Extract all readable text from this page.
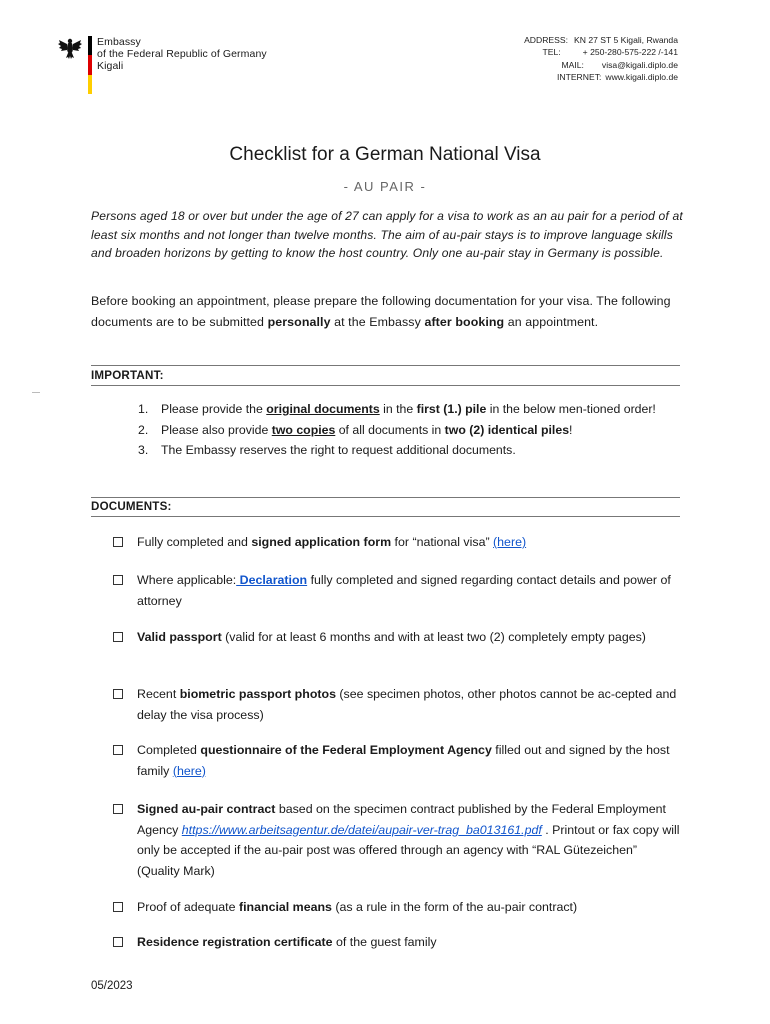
Embassy
of the Federal Republic of Germany
Kigali
ADDRESS: KN 27 ST 5 Kigali, Rwanda
TEL:	+ 250-280-575-222 /-141
MAIL: visa@kigali.diplo.de
INTERNET: www.kigali.diplo.de
Checklist for a German National Visa
- AU PAIR -
Persons aged 18 or over but under the age of 27 can apply for a visa to work as an au pair for a period of at least six months and not longer than twelve months. The aim of au-pair stays is to improve language skills and broaden horizons by getting to know the host country. Only one au-pair stay in Germany is possible.
Before booking an appointment, please prepare the following documentation for your visa. The following documents are to be submitted personally at the Embassy after booking an appointment.
IMPORTANT:
1.	Please provide the original documents in the first (1.) pile in the below men-tioned order!
2.	Please also provide two copies of all documents in two (2) identical piles!
3.	The Embassy reserves the right to request additional documents.
DOCUMENTS:
Fully completed and signed application form for “national visa” (here)
Where applicable: Declaration fully completed and signed regarding contact details and power of attorney
Valid passport (valid for at least 6 months and with at least two (2) completely empty pages)
Recent biometric passport photos (see specimen photos, other photos cannot be ac-cepted and delay the visa process)
Completed questionnaire of the Federal Employment Agency filled out and signed by the host family (here)
Signed au-pair contract based on the specimen contract published by the Federal Employment Agency https://www.arbeitsagentur.de/datei/aupair-ver-trag_ba013161.pdf . Printout or fax copy will only be accepted if the au-pair post was offered through an agency with “RAL Gütezeichen” (Quality Mark)
Proof of adequate financial means (as a rule in the form of the au-pair contract)
Residence registration certificate of the guest family
05/2023
